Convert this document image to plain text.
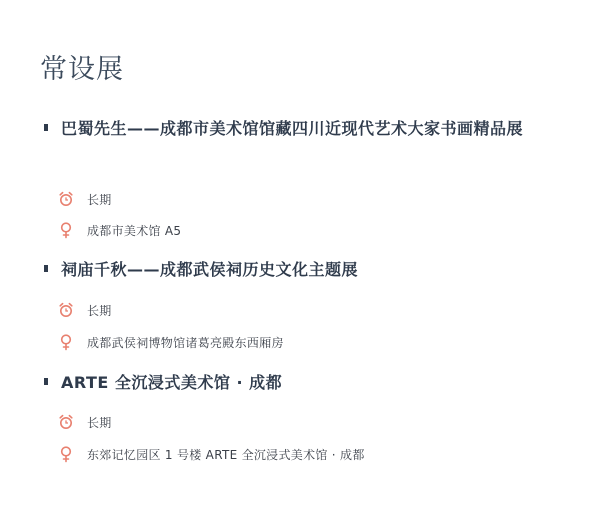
常设展
巴蜀先生——成都市美术馆馆藏四川近现代艺术大家书画精品展
长期
成都市美术馆 A5
祠庙千秋——成都武侯祠历史文化主题展
长期
成都武侯祠博物馆诸葛亮殿东西厢房
ARTE 全沉浸式美术馆 · 成都
长期
东郊记忆园区 1 号楼 ARTE 全沉浸式美术馆 · 成都
